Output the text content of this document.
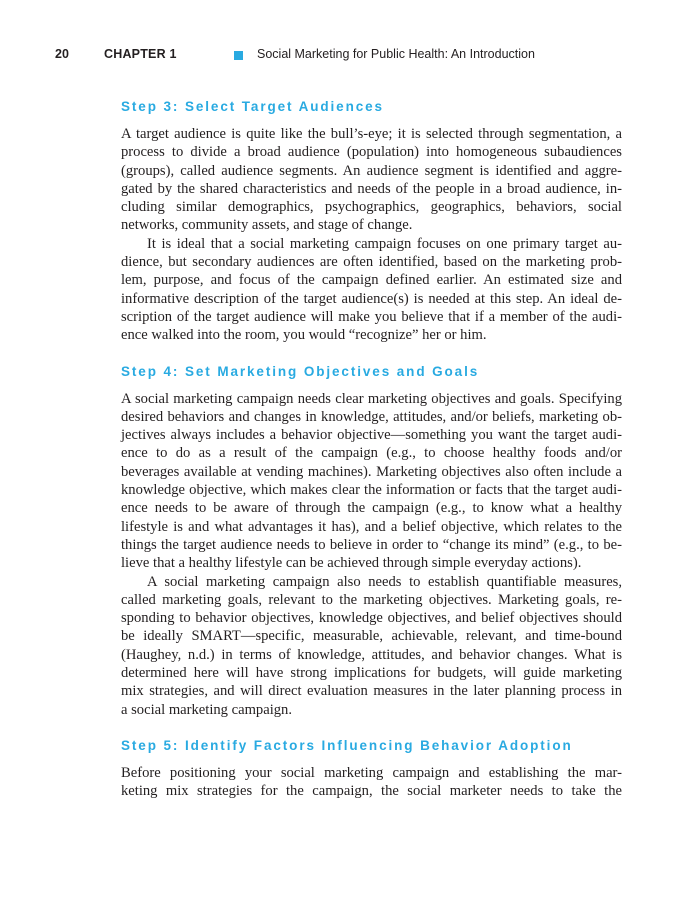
20	CHAPTER 1	Social Marketing for Public Health: An Introduction
Step 3: Select Target Audiences

A target audience is quite like the bull’s-eye; it is selected through segmentation, a
process to divide a broad audience (population) into homogeneous subaudiences
(groups), called audience segments. An audience segment is identified and aggre-
gated by the shared characteristics and needs of the people in a broad audience, in-
cluding similar demographics, psychographics, geographics, behaviors, social
networks, community assets, and stage of change.

It is ideal that a social marketing campaign focuses on one primary target au-
dience, but secondary audiences are often identified, based on the marketing prob-
lem, purpose, and focus of the campaign defined earlier. An estimated size and
informative description of the target audience(s) is needed at this step. An ideal de-
scription of the target audience will make you believe that if a member of the audi-
ence walked into the room, you would “recognize” her or him.

Step 4: Set Marketing Objectives and Goals

A social marketing campaign needs clear marketing objectives and goals. Specifying
desired behaviors and changes in knowledge, attitudes, and/or beliefs, marketing ob-
jectives always includes a behavior objective—something you want the target audi-
ence to do as a result of the campaign (e.g., to choose healthy foods and/or
beverages available at vending machines). Marketing objectives also often include a
knowledge objective, which makes clear the information or facts that the target audi-
ence needs to be aware of through the campaign (e.g., to know what a healthy
lifestyle is and what advantages it has), and a belief objective, which relates to the
things the target audience needs to believe in order to “change its mind” (e.g., to be-
lieve that a healthy lifestyle can be achieved through simple everyday actions).

A social marketing campaign also needs to establish quantifiable measures,
called marketing goals, relevant to the marketing objectives. Marketing goals, re-
sponding to behavior objectives, knowledge objectives, and belief objectives should
be ideally SMART—specific, measurable, achievable, relevant, and time-bound
(Haughey, n.d.) in terms of knowledge, attitudes, and behavior changes. What is
determined here will have strong implications for budgets, will guide marketing
mix strategies, and will direct evaluation measures in the later planning process in
a social marketing campaign.

Step 5: Identify Factors Influencing Behavior Adoption

Before positioning your social marketing campaign and establishing the mar-
keting mix strategies for the campaign, the social marketer needs to take the
